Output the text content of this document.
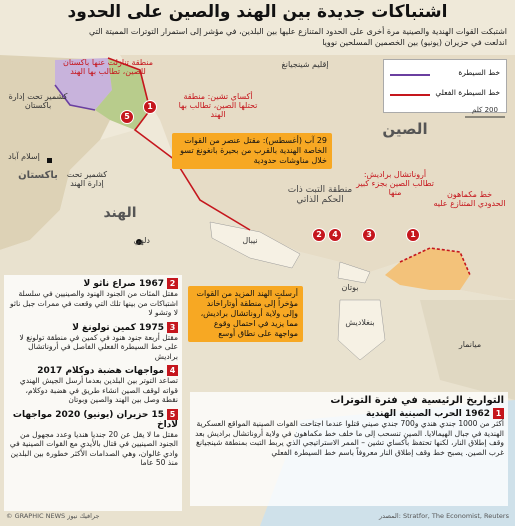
اشتباكات جديدة بين الهند والصين على الحدود
اشتبكت القوات الهندية والصينية مرة أخرى على الحدود المتنازع عليها بين البلدين، في مؤشر إلى استمرار التوترات المميتة التي اندلعت في حزيران (يونيو) بين الخصمين المسلحين نوويا
خط السيطرة
خط السيطرة الفعلي
إقليم شينجيانغ
الصين
منطقة التبت ذات الحكم الذاتي
الهند
دلهي
باكستان
إسلام آباد
كشمير تحت إدارة باكستان
كشمير تحت إدارة الهند
نيبال
بوتان
بنغلاديش
ميانمار
منطقة تنازلت عنها باكستان للصين، تطالب بها الهند
أكساي تشين: منطقة تحتلها الصين، تطالب بها الهند
أروناتشال براديش: تطالب الصين بجزء كبير منها	خط مكماهون الحدودي المتنازع عليه
200 كلم
29 آب (أغسطس): مقتل عنصر من القوات الخاصة الهندية بالقرب من بحيرة بانغونغ تسو خلال مناوشات حدودية
أرسلت الهند المزيد من القوات مؤخراً إلى منطقة أوتاراخاند وإلى ولاية أروناتشال براديش، مما يزيد في احتمال وقوع مواجهة على نطاق أوسع
1
5
2	4	3	1
21967 صراع ناثو لا
مقتل المئات من الجنود الهنود والصينيين في سلسلة اشتباكات من بينها تلك التي وقعت في ممرات جبل ناثو لا وتشو لا
31975 كمين تولونغ لا
مقتل أربعة جنود هنود في كمين في منطقة تولونغ لا على خط السيطرة الفعلي الفاصل في أروناتشال براديش
4مواجهات هضبة دوكلام 2017
تصاعد التوتر بين البلدين بعدما أرسل الجيش الهندي قواته لوقف الصين انشاء طريق في هضبة دوكلام، نقطة وصل بين الهند والصين وبوتان
515 حزيران (يونيو) 2020 مواجهات لاداخ
مقتل ما لا يقل عن 20 جنديا هنديا وعدد مجهول من الجنود الصينيين في قتال بالأيدي مع القوات الصينية في وادي غالوان، وهي الصدامات الأكثر خطورة بين البلدين منذ 50 عاما
التواريخ الرئيسية في فترة التوترات
11962 الحرب الصينية الهندية
أكثر من 1000 جندي هندي و700 جندي صيني قتلوا عندما اجتاحت القوات الصينية المواقع العسكرية الهندية في جبال الهيمالايا. الصين تنسحب إلى ما خلف خط مكماهون في ولاية أروناتشال براديش بعد وقف إطلاق النار، لكنها تحتفظ بأكساي تشين – الممر الاستراتيجي الذي يربط التبت بمنطقة شينجيانغ غرب الصين. يصبح خط وقف إطلاق النار معروفاً باسم خط السيطرة الفعلي
المصدر: Stratfor, The Economist, Reuters
© GRAPHIC NEWS جرافيك نيوز
